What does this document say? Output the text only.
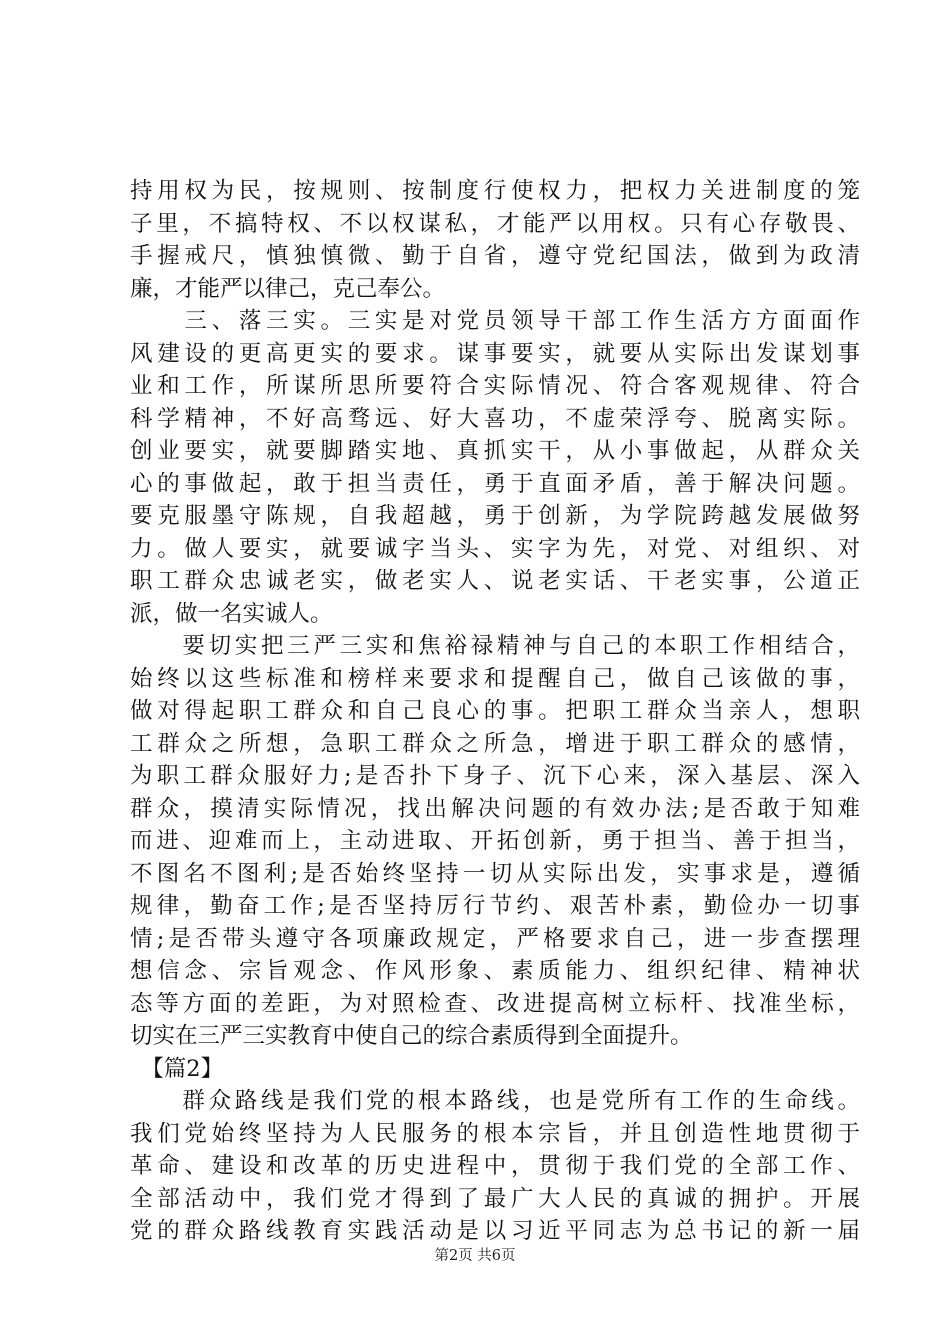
持用权为民，按规则、按制度行使权力，把权力关进制度的笼
子里，不搞特权、不以权谋私，才能严以用权。只有心存敬畏、
手握戒尺，慎独慎微、勤于自省，遵守党纪国法，做到为政清
廉，才能严以律己，克己奉公。
　　三、落三实。三实是对党员领导干部工作生活方方面面作
风建设的更高更实的要求。谋事要实，就要从实际出发谋划事
业和工作，所谋所思所要符合实际情况、符合客观规律、符合
科学精神，不好高骛远、好大喜功，不虚荣浮夸、脱离实际。
创业要实，就要脚踏实地、真抓实干，从小事做起，从群众关
心的事做起，敢于担当责任，勇于直面矛盾，善于解决问题。
要克服墨守陈规，自我超越，勇于创新，为学院跨越发展做努
力。做人要实，就要诚字当头、实字为先，对党、对组织、对
职工群众忠诚老实，做老实人、说老实话、干老实事，公道正
派，做一名实诚人。
　　要切实把三严三实和焦裕禄精神与自己的本职工作相结合，
始终以这些标准和榜样来要求和提醒自己，做自己该做的事，
做对得起职工群众和自己良心的事。把职工群众当亲人，想职
工群众之所想，急职工群众之所急，增进于职工群众的感情，
为职工群众服好力;是否扑下身子、沉下心来，深入基层、深入
群众，摸清实际情况，找出解决问题的有效办法;是否敢于知难
而进、迎难而上，主动进取、开拓创新，勇于担当、善于担当，
不图名不图利;是否始终坚持一切从实际出发，实事求是，遵循
规律，勤奋工作;是否坚持厉行节约、艰苦朴素，勤俭办一切事
情;是否带头遵守各项廉政规定，严格要求自己，进一步查摆理
想信念、宗旨观念、作风形象、素质能力、组织纪律、精神状
态等方面的差距，为对照检查、改进提高树立标杆、找准坐标，
切实在三严三实教育中使自己的综合素质得到全面提升。
　【篇2】
　　群众路线是我们党的根本路线，也是党所有工作的生命线。
我们党始终坚持为人民服务的根本宗旨，并且创造性地贯彻于
革命、建设和改革的历史进程中，贯彻于我们党的全部工作、
全部活动中，我们党才得到了最广大人民的真诚的拥护。开展
党的群众路线教育实践活动是以习近平同志为总书记的新一届
第2页 共6页
